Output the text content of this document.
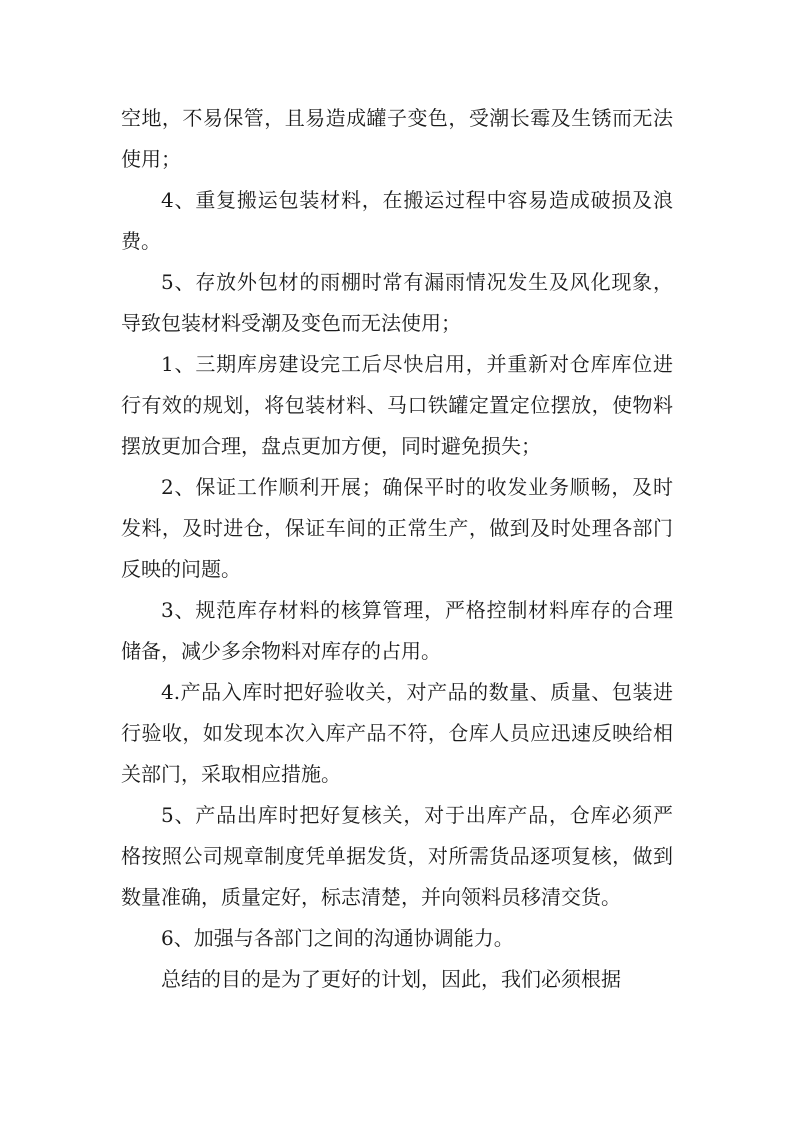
空地，不易保管，且易造成罐子变色，受潮长霉及生锈而无法使用；

4、重复搬运包装材料，在搬运过程中容易造成破损及浪费。

5、存放外包材的雨棚时常有漏雨情况发生及风化现象，导致包装材料受潮及变色而无法使用；

1、三期库房建设完工后尽快启用，并重新对仓库库位进行有效的规划，将包装材料、马口铁罐定置定位摆放，使物料摆放更加合理，盘点更加方便，同时避免损失；

2、保证工作顺利开展；确保平时的收发业务顺畅，及时发料，及时进仓，保证车间的正常生产，做到及时处理各部门反映的问题。

3、规范库存材料的核算管理，严格控制材料库存的合理储备，减少多余物料对库存的占用。

4.产品入库时把好验收关，对产品的数量、质量、包装进行验收，如发现本次入库产品不符，仓库人员应迅速反映给相关部门，采取相应措施。

5、产品出库时把好复核关，对于出库产品，仓库必须严格按照公司规章制度凭单据发货，对所需货品逐项复核，做到数量准确，质量定好，标志清楚，并向领料员移清交货。

6、加强与各部门之间的沟通协调能力。

总结的目的是为了更好的计划，因此，我们必须根据
